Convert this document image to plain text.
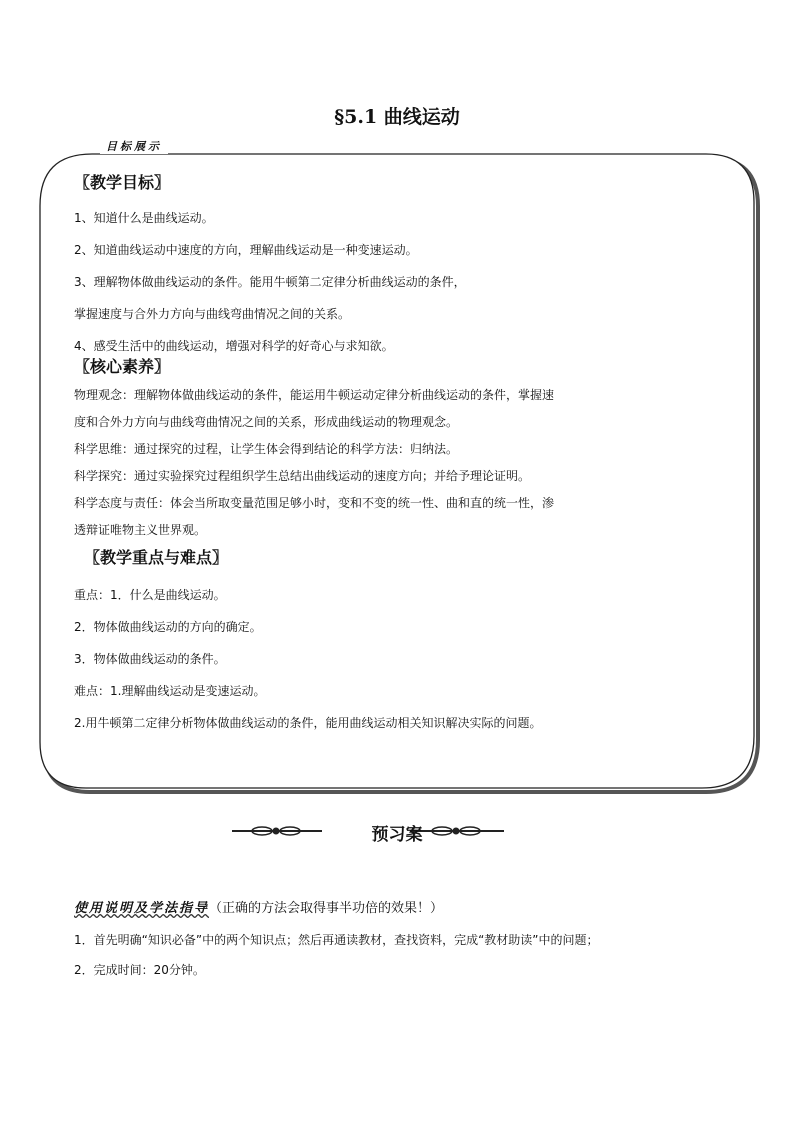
§5.1 曲线运动
目标展示
〖教学目标〗
1、知道什么是曲线运动。
2、知道曲线运动中速度的方向，理解曲线运动是一种变速运动。
3、理解物体做曲线运动的条件。能用牛顿第二定律分析曲线运动的条件，
掌握速度与合外力方向与曲线弯曲情况之间的关系。
4、感受生活中的曲线运动，增强对科学的好奇心与求知欲。
〖核心素养〗
物理观念：理解物体做曲线运动的条件，能运用牛顿运动定律分析曲线运动的条件，掌握速
度和合外力方向与曲线弯曲情况之间的关系，形成曲线运动的物理观念。
科学思维：通过探究的过程，让学生体会得到结论的科学方法：归纳法。
科学探究：通过实验探究过程组织学生总结出曲线运动的速度方向；并给予理论证明。
科学态度与责任：体会当所取变量范围足够小时，变和不变的统一性、曲和直的统一性，渗
透辩证唯物主义世界观。
〖教学重点与难点〗
重点：1．什么是曲线运动。
2．物体做曲线运动的方向的确定。
3．物体做曲线运动的条件。
难点：1.理解曲线运动是变速运动。
2.用牛顿第二定律分析物体做曲线运动的条件，能用曲线运动相关知识解决实际的问题。
预习案
使用说明及学法指导（正确的方法会取得事半功倍的效果！）
1．首先明确“知识必备”中的两个知识点；然后再通读教材，查找资料，完成“教材助读”中的问题；
2．完成时间：20分钟。
